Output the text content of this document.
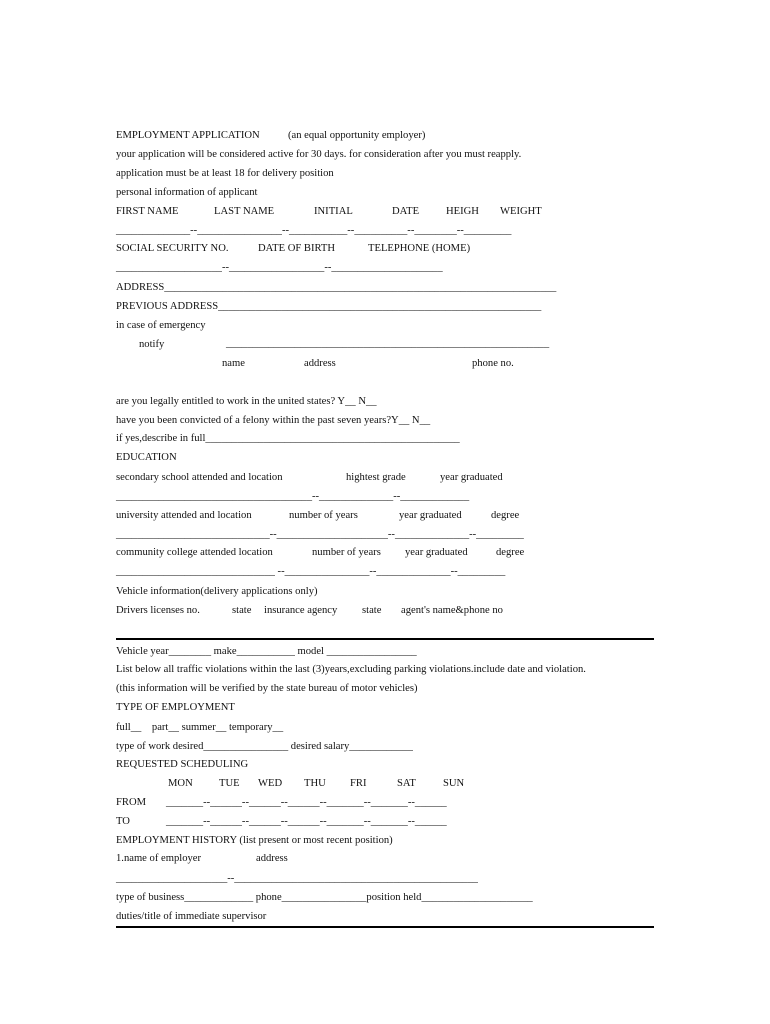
EMPLOYMENT APPLICATION	(an equal opportunity employer)
your application will be considered active for 30 days. for consideration after you must reapply.
application must be at least 18 for delivery position
personal information of applicant
FIRST NAME	LAST NAME	INITIAL	DATE	HEIGH WEIGHT
______________--________________--___________--__________--________--_________
SOCIAL SECURITY NO.	DATE OF BIRTH	TELEPHONE (HOME)
____________________--__________________--_____________________
ADDRESS__________________________________________________________________________
PREVIOUS ADDRESS_____________________________________________________________
in case of emergency
notify	_____________________________________________________________
name	address	phone no.
are you legally entitled to work in the united states? Y__ N__
have you been convicted of a felony within the past seven years?Y__ N__
if yes,describe in full________________________________________________
EDUCATION
secondary school attended and location	hightest grade	year graduated
_____________________________________--______________--_____________
university attended and location	number of years	year graduated	degree
_____________________________--_____________________--______________--_________
community college attended location	number of years year graduated	degree
______________________________ --________________--______________--_________
Vehicle information(delivery applications only)
Drivers licenses no.	state insurance agency state agent's name&phone no
Vehicle year________ make___________ model _________________
List below all traffic violations within the last (3)years,excluding parking violations.include date and violation.
(this information will be verified by the state bureau of motor vehicles)
TYPE OF EMPLOYMENT
full__    part__ summer__ temporary__
type of work desired________________ desired salary____________
REQUESTED SCHEDULING
MON TUE WED THU FRI	SAT	SUN
FROM _______--______--______--______--_______--_______--______
TO	_______--______--______--______--_______--_______--______
EMPLOYMENT HISTORY (list present or most recent position)
1.name of employer	address
_____________________--______________________________________________
type of business_____________ phone________________position held_____________________
duties/title of immediate supervisor
